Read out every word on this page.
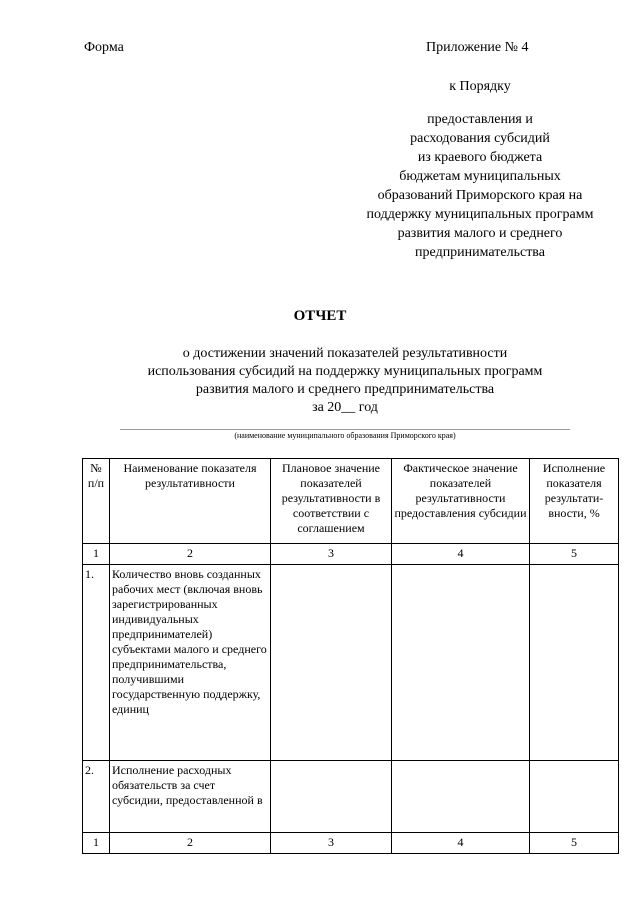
Форма	Приложение № 4
к Порядку
предоставления и
расходования субсидий
из краевого бюджета
бюджетам муниципальных
образований Приморского края на
поддержку муниципальных программ
развития малого и среднего
предпринимательства
ОТЧЕТ
о достижении значений показателей результативности
использования субсидий на поддержку муниципальных программ
развития малого и среднего предпринимательства
за 20__ год
(наименование муниципального образования Приморского края)
№ п/п	Наименование показателя результативности	Плановое значение показателей результативности в соответствии с соглашением	Фактическое значение показателей результативности предоставления субсидии	Исполнение показателя результати-вности, %
1	2	3	4	5
1.	Количество вновь созданных рабочих мест (включая вновь зарегистрированных индивидуальных предпринимателей) субъектами малого и среднего предпринимательства, получившими государственную поддержку, единиц			
2.	Исполнение расходных обязательств за счет субсидии, предоставленной в			
1	2	3	4	5
